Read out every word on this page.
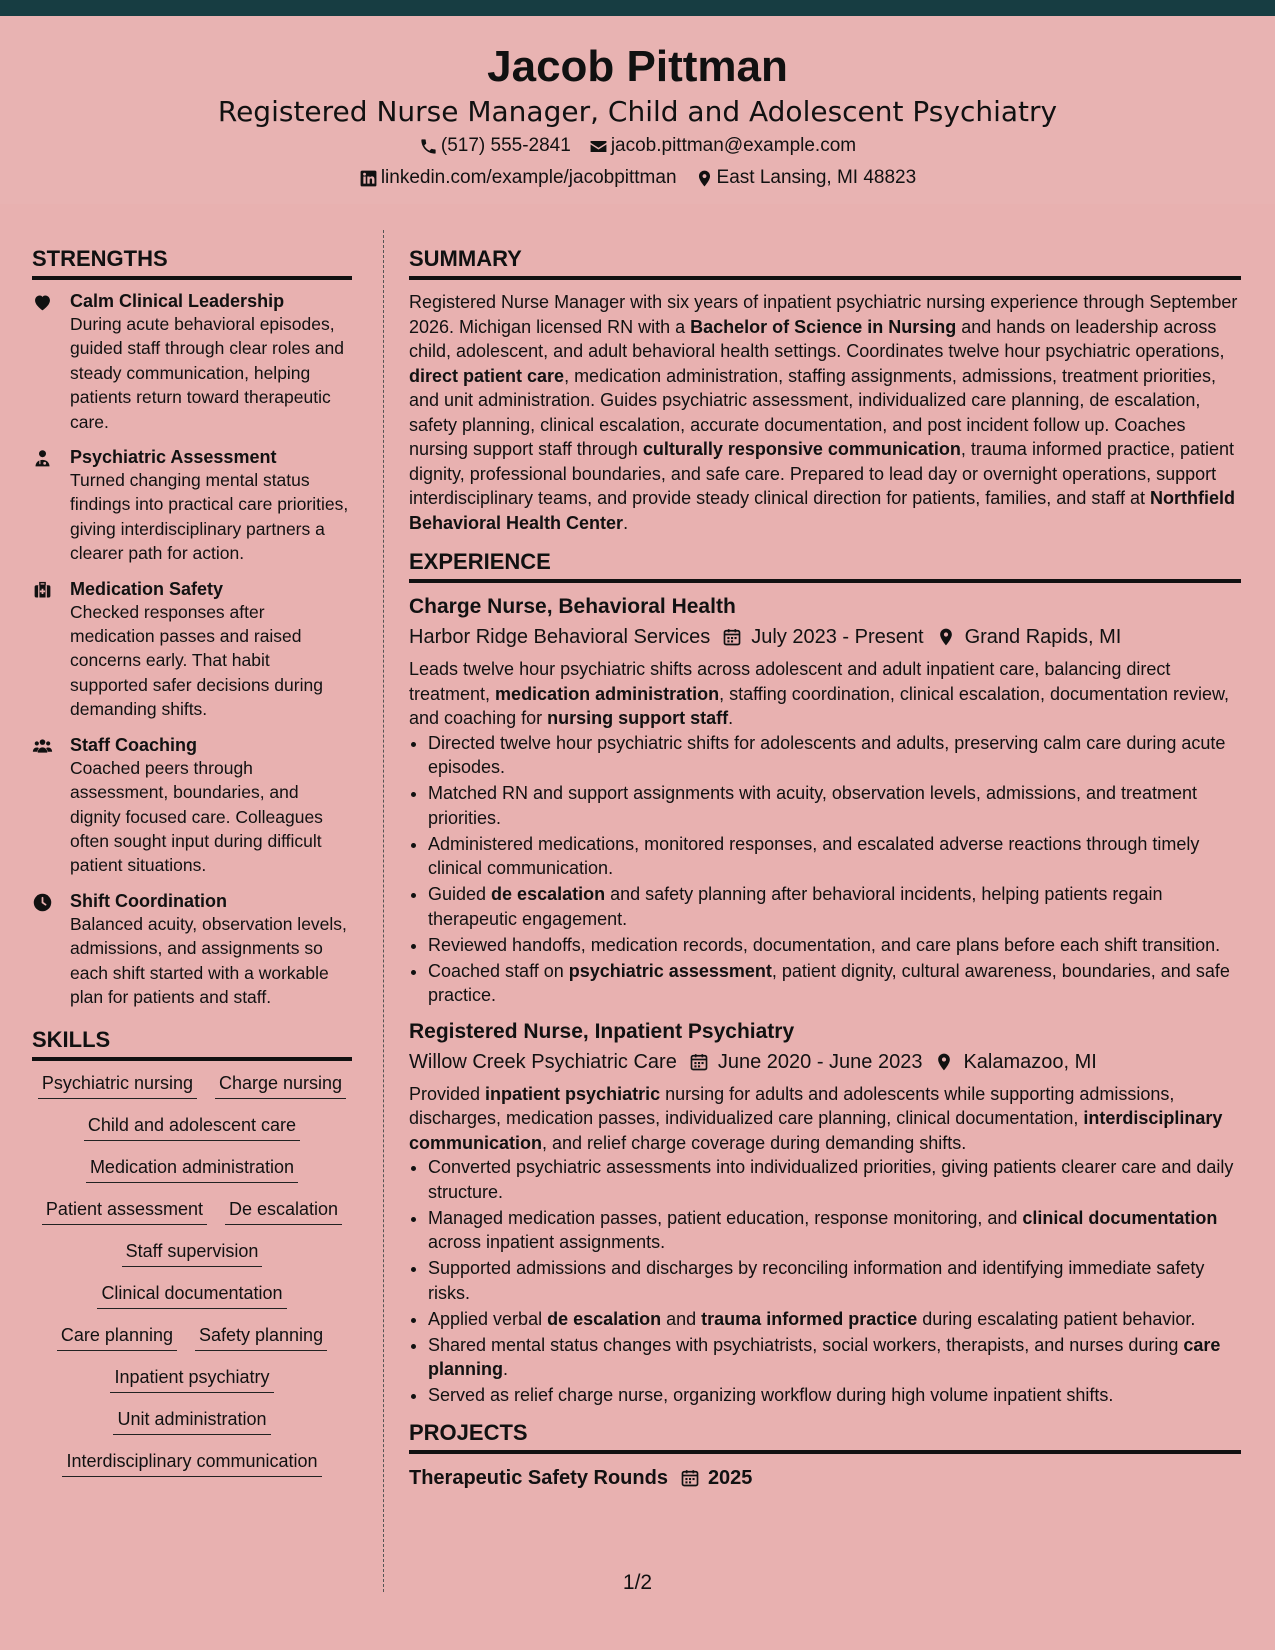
Jacob Pittman
Registered Nurse Manager, Child and Adolescent Psychiatry
(517) 555-2841 jacob.pittman@example.com
linkedin.com/example/jacobpittman East Lansing, MI 48823
STRENGTHS
Calm Clinical Leadership
During acute behavioral episodes, guided staff through clear roles and steady communication, helping patients return toward therapeutic care.
Psychiatric Assessment
Turned changing mental status findings into practical care priorities, giving interdisciplinary partners a clearer path for action.
Medication Safety
Checked responses after medication passes and raised concerns early. That habit supported safer decisions during demanding shifts.
Staff Coaching
Coached peers through assessment, boundaries, and dignity focused care. Colleagues often sought input during difficult patient situations.
Shift Coordination
Balanced acuity, observation levels, admissions, and assignments so each shift started with a workable plan for patients and staff.
SKILLS
Psychiatric nursing Charge nursing
Child and adolescent care
Medication administration
Patient assessment De escalation
Staff supervision
Clinical documentation
Care planning Safety planning
Inpatient psychiatry
Unit administration
Interdisciplinary communication
SUMMARY
Registered Nurse Manager with six years of inpatient psychiatric nursing experience through September 2026. Michigan licensed RN with a Bachelor of Science in Nursing and hands on leadership across child, adolescent, and adult behavioral health settings. Coordinates twelve hour psychiatric operations, direct patient care, medication administration, staffing assignments, admissions, treatment priorities, and unit administration. Guides psychiatric assessment, individualized care planning, de escalation, safety planning, clinical escalation, accurate documentation, and post incident follow up. Coaches nursing support staff through culturally responsive communication, trauma informed practice, patient dignity, professional boundaries, and safe care. Prepared to lead day or overnight operations, support interdisciplinary teams, and provide steady clinical direction for patients, families, and staff at Northfield Behavioral Health Center.
EXPERIENCE
Charge Nurse, Behavioral Health
Harbor Ridge Behavioral Services July 2023 - Present Grand Rapids, MI
Leads twelve hour psychiatric shifts across adolescent and adult inpatient care, balancing direct treatment, medication administration, staffing coordination, clinical escalation, documentation review, and coaching for nursing support staff.
• Directed twelve hour psychiatric shifts for adolescents and adults, preserving calm care during acute episodes.
• Matched RN and support assignments with acuity, observation levels, admissions, and treatment priorities.
• Administered medications, monitored responses, and escalated adverse reactions through timely clinical communication.
• Guided de escalation and safety planning after behavioral incidents, helping patients regain therapeutic engagement.
• Reviewed handoffs, medication records, documentation, and care plans before each shift transition.
• Coached staff on psychiatric assessment, patient dignity, cultural awareness, boundaries, and safe practice.
Registered Nurse, Inpatient Psychiatry
Willow Creek Psychiatric Care June 2020 - June 2023 Kalamazoo, MI
Provided inpatient psychiatric nursing for adults and adolescents while supporting admissions, discharges, medication passes, individualized care planning, clinical documentation, interdisciplinary communication, and relief charge coverage during demanding shifts.
• Converted psychiatric assessments into individualized priorities, giving patients clearer care and daily structure.
• Managed medication passes, patient education, response monitoring, and clinical documentation across inpatient assignments.
• Supported admissions and discharges by reconciling information and identifying immediate safety risks.
• Applied verbal de escalation and trauma informed practice during escalating patient behavior.
• Shared mental status changes with psychiatrists, social workers, therapists, and nurses during care planning.
• Served as relief charge nurse, organizing workflow during high volume inpatient shifts.
PROJECTS
Therapeutic Safety Rounds 2025
1/2
